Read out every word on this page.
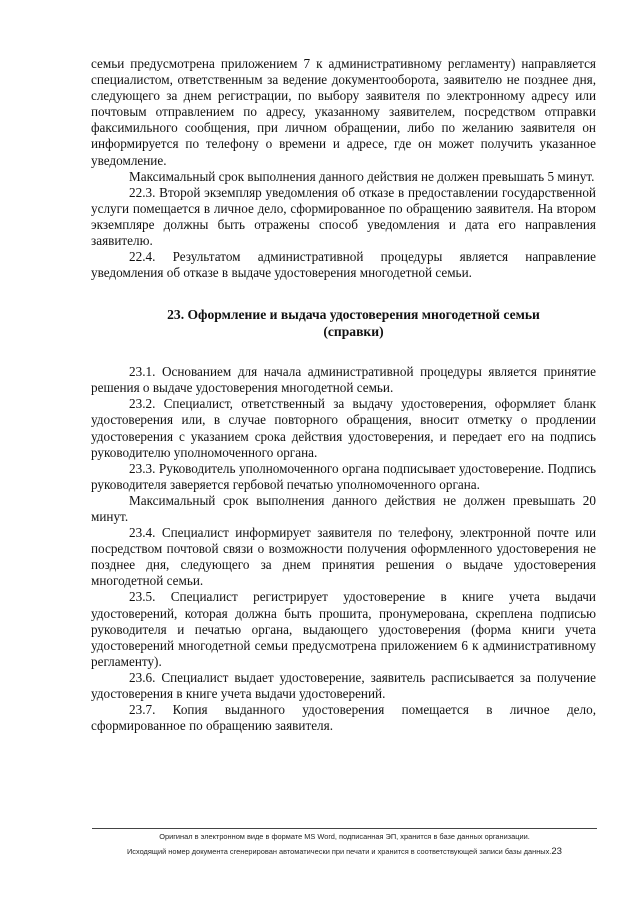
семьи предусмотрена приложением 7 к административному регламенту) направляется специалистом, ответственным за ведение документооборота, заявителю не позднее дня, следующего за днем регистрации, по выбору заявителя по электронному адресу или почтовым отправлением по адресу, указанному заявителем, посредством отправки факсимильного сообщения, при личном обращении, либо по желанию заявителя он информируется по телефону о времени и адресе, где он может получить указанное уведомление.

Максимальный срок выполнения данного действия не должен превышать 5 минут.

22.3. Второй экземпляр уведомления об отказе в предоставлении государственной услуги помещается в личное дело, сформированное по обращению заявителя. На втором экземпляре должны быть отражены способ уведомления и дата его направления заявителю.

22.4. Результатом административной процедуры является направление уведомления об отказе в выдаче удостоверения многодетной семьи.

23. Оформление и выдача удостоверения многодетной семьи
(справки)

23.1. Основанием для начала административной процедуры является принятие решения о выдаче удостоверения многодетной семьи.

23.2. Специалист, ответственный за выдачу удостоверения, оформляет бланк удостоверения или, в случае повторного обращения, вносит отметку о продлении удостоверения с указанием срока действия удостоверения, и передает его на подпись руководителю уполномоченного органа.

23.3. Руководитель уполномоченного органа подписывает удостоверение. Подпись руководителя заверяется гербовой печатью уполномоченного органа.

Максимальный срок выполнения данного действия не должен превышать 20 минут.

23.4. Специалист информирует заявителя по телефону, электронной почте или посредством почтовой связи о возможности получения оформленного удостоверения не позднее дня, следующего за днем принятия решения о выдаче удостоверения многодетной семьи.

23.5. Специалист регистрирует удостоверение в книге учета выдачи удостоверений, которая должна быть прошита, пронумерована, скреплена подписью руководителя и печатью органа, выдающего удостоверения (форма книги учета удостоверений многодетной семьи предусмотрена приложением 6 к административному регламенту).

23.6. Специалист выдает удостоверение, заявитель расписывается за получение удостоверения в книге учета выдачи удостоверений.

23.7. Копия выданного удостоверения помещается в личное дело, сформированное по обращению заявителя.

Оригинал в электронном виде в формате MS Word, подписанная ЭП, хранится в базе данных организации.
Исходящий номер документа сгенерирован автоматически при печати и хранится в соответствующей записи базы данных.23
